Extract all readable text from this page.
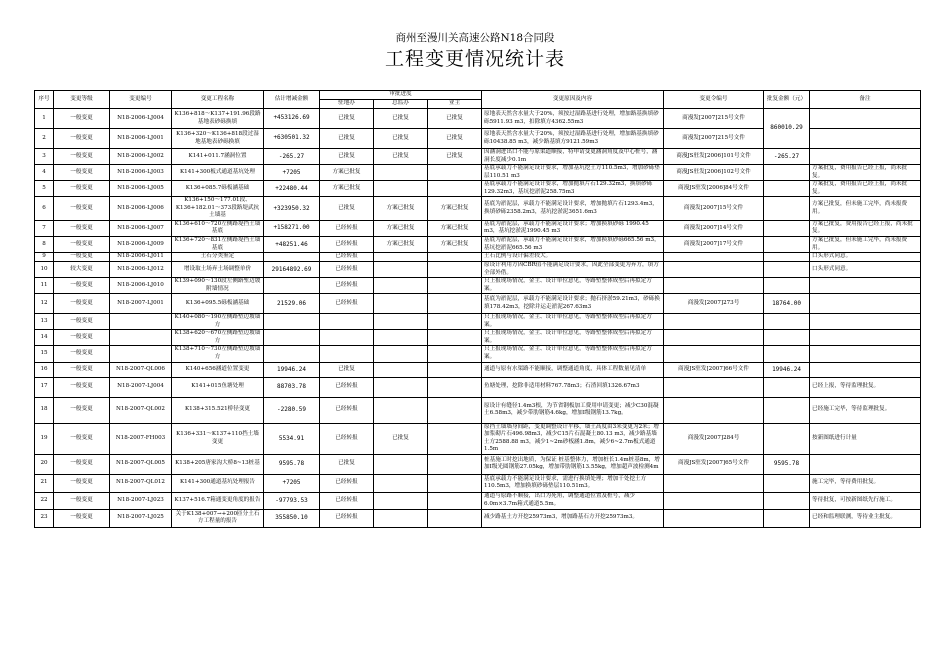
商州至漫川关高速公路N18合同段
工程变更情况统计表
序号	变更等级	变更编号	变更工程名称	估计增减金额	审批进度			变更原因及内容	变更令编号	批复金额（元）	备注
					驻地办	总监办	业主				
1	一般变更	N18-2006-LJ004	K136+818～K137+191.96段路基地表砂砾换填	+453126.69	已批复	已批复	已批复	原地表天然含水量大于20%，须按过湿路基进行处理，增加路基换填砂砾5911.93 m3，扣除填方4362.55m3	商漫发[2007]215号文件	860010.29	
2	一般变更	N18-2006-LJ001	K136+320～K136+818段过湿地基地表砂砾换填	+630501.32	已批复	已批复	已批复	原地表天然含水量大于20%，须按过湿路基进行处理，增加路基换填砂砾10438.85 m3，减少路基填方9121.59m3	商漫发[2007]215号文件		
3	一般变更	N18-2006-LJ002	K141+011.7涵洞位置	-265.27	已批复	已批复	已批复	因涵洞进出口不能与原渠道顺接，特申请变更涵洞角度及中心桩号，涵洞长度减少0.1m	商漫JS驻发[2006]101号文件	-265.27	
4	一般变更	N18-2006-LJ003	K141+300板式通道基坑处理	+7205	方案已批复			基底承载力不能满足设计要求，增加基坑挖土方110.5m3，增加砂砾垫层110.51 m3	商漫JS驻发[2006]102号文件		方案批复，费用报告已经上报，尚未批复。
5	一般变更	N18-2006-LJ005	K136+085.7砾板涵基础	+22480.44	方案已批复			基底承载力不能满足设计要求，增加抛填片石129.32m3，换填砂砾129.32m3，基坑挖淤泥258.75m3	商漫JS驻发[2006]84号文件		方案批复，费用报告已经上报，尚未批复。
6	一般变更	N18-2006-LJ006	K136+150～177.01段、K136+182.01～373段路堤武抗土墙基	+323950.32	已批复	方案已批复	方案已批复	基底为淤泥层，承载力不能满足设计要求，增加抛填片石1293.4m3，换填砂砾2358.2m3，基坑挖淤泥3651.6m3	商漫发[2007]15号文件		方案已批复，但未施工完毕，尚未报费用。
7	一般变更	N18-2006-LJ007	K136+610～720左侧路堤挡土墙基底	+158271.00	已经转报	方案已批复	方案已批复	基底为淤泥层，承载力不能满足设计要求；增加换填砂砾 1990.45 m3，基坑挖淤泥1990.45 m3	商漫发[2007]14号文件		方案已批复，费用报告已经上报，尚未批复。
8	一般变更	N18-2006-LJ009	K136+720～831左侧路堤挡土墙基底	+48251.46	已经转报	方案已批复	方案已批复	基底为淤泥层，承载力不能满足设计要求，增加换填砂砾665.56 m3，基坑挖淤泥665.56 m3	商漫发[2007]17号文件		方案已批复，但未施工完毕，尚未报费用。
9	一般变更	N18-2006-LJ011	土石分类鉴定		已经转报			土石比例与设计偏差较大。			口头形式同意。
10	较大变更	N18-2006-LJ012	增设取土场弃土场调整单价	29164892.69	已经转报			原设计利用方因CBR值不能满足设计要求，因此全部变更为弃方，填方全部外借。			口头形式同意。
11	一般变更	N18-2006-LJ010	K139+090～130段左侧路堑边坡附墙情况		已经转报			只上报现场情况，金主、设计单位意见，等路堑整体成型后再拟定方案。			
12	一般变更	N18-2007-LJ001	K136+095.5砾板涵基础	21529.06	已经转报			基底为淤泥层，承载力不能满足设计要求；抛石挤淤59.21m3，砂砾换填178.42m3，挖除并运走淤泥267.63m3	商漫发[2007]273号	18764.00	
13	一般变更		K140+080～190左侧路堑边坡墙方					只上报现场情况，金主、设计单位意见，等路堑整体成型后再拟定方案。			
14	一般变更		K138+620～670左侧路堑边坡墙方					只上报现场情况，金主、设计单位意见，等路堑整体成型后再拟定方案。			
15	一般变更		K138+710～730左侧路堑边坡墙方					只上报现场情况，金主、设计单位意见，等路堑整体成型后再拟定方案。			
16	一般变更	N18-2007-QL006	K140+656涵道位置变更	19946.24	已批复			通道与原有水渠路不能顺接，调整通道角度，具体工程数量见清单	商漫JS驻发[2007]66号文件	19946.24	
17	一般变更	N18-2007-LJ004	K141+015鱼塘处理	88703.78	已经转报			鱼塘处理，挖除非适用材料767.78m3；石渣回填1326.67m3			已经上报，等待监理批复。
18	一般变更	N18-2007-QL002	K138+315.521桥径变更	-2280.59	已经转报			原设计有缝径1.4m3根，为节省钢板加工费用申请变更；减少C30混凝土6.58m3，减少带肋钢筋4.6kg，增加I级钢筋13.7kg。			已经施工完毕，等待监理批复。
19	一般变更	N18-2007-FH003	K136+331～K137+110挡土墙变更	5534.91	已经转报	已批复		原挡土墙墙身间距，变更调整设计平移，墙土高度由3米变更为2米；增加浆砌片石496.98m3，减少C15片石混凝土80.13 m3，减少路基墙土方2588.88 m3，减少1~2m砂板涵1.8m，减少6~2.7m板式通道1.5m	商漫发[2007]284号		按新图纸进行计量
20	一般变更	N18-2007-QL005	K138+205唐家沟大桥8~13桩基	9595.78	已批复			桩基施工时挖出地质，为保证 桩基整体力，增加桩长1.4m桩基8m，增加Ⅰ级光圆钢筋27.05kg，增加带肋钢筋13.55kg，增加超声波检测4m	商漫JS驻发[2007]65号文件	9595.78	
21	一般变更	N18-2007-QL012	K141+300通道基坑处理报告	+7205	已经转报			基底承载力不能满足设计要求，需进行换填处理；增加干处挖土方110.5m3，增加换填砂砾垫层110.51m3。			施工完毕，等待费用批复。
22	一般变更	N18-2007-LJ023	K137+516.7箱通变更角度的报告	-97793.53	已经转报			通道与原路不顺接，出口为死角，调整通道位置及桩号，减少6.0m×3.7m箱式通道5.5m。			等待批复，可按新图纸先行施工。
23	一般变更	N18-2007-LJ025	关于K138+007→+200匝分土石方工程量的报告	355850.10	已经转报			减少路基土方开挖25973m3，增加路基石方开挖25973m3。			已经和监理联测，等待业主批复。
